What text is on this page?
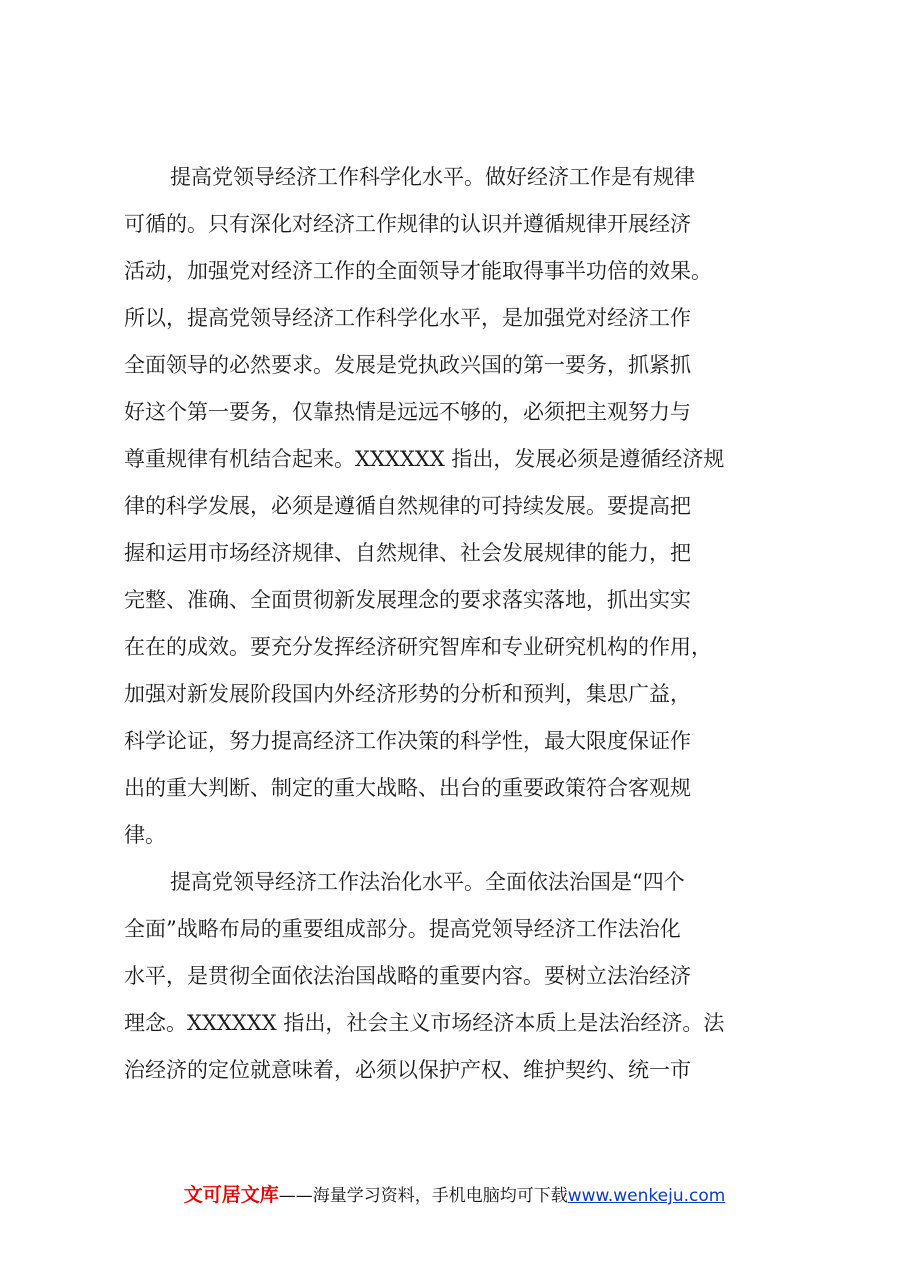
提高党领导经济工作科学化水平。做好经济工作是有规律
可循的。只有深化对经济工作规律的认识并遵循规律开展经济
活动，加强党对经济工作的全面领导才能取得事半功倍的效果。
所以，提高党领导经济工作科学化水平，是加强党对经济工作
全面领导的必然要求。发展是党执政兴国的第一要务，抓紧抓
好这个第一要务，仅靠热情是远远不够的，必须把主观努力与
尊重规律有机结合起来。XXXXXX 指出，发展必须是遵循经济规
律的科学发展，必须是遵循自然规律的可持续发展。要提高把
握和运用市场经济规律、自然规律、社会发展规律的能力，把
完整、准确、全面贯彻新发展理念的要求落实落地，抓出实实
在在的成效。要充分发挥经济研究智库和专业研究机构的作用，
加强对新发展阶段国内外经济形势的分析和预判，集思广益，
科学论证，努力提高经济工作决策的科学性，最大限度保证作
出的重大判断、制定的重大战略、出台的重要政策符合客观规
律。
提高党领导经济工作法治化水平。全面依法治国是“四个
全面”战略布局的重要组成部分。提高党领导经济工作法治化
水平，是贯彻全面依法治国战略的重要内容。要树立法治经济
理念。XXXXXX 指出，社会主义市场经济本质上是法治经济。法
治经济的定位就意味着，必须以保护产权、维护契约、统一市
文可居文库——海量学习资料，手机电脑均可下载www.wenkeju.com
